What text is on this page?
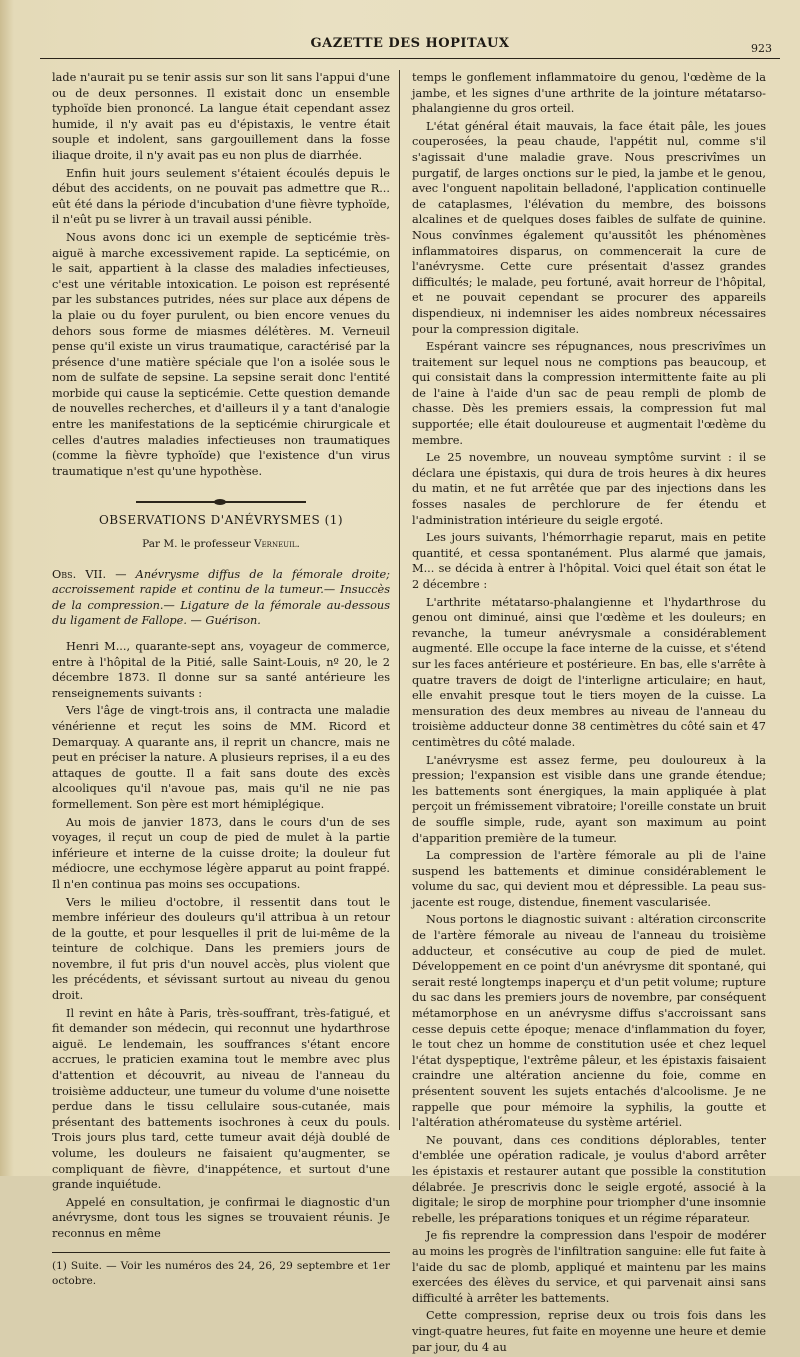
GAZETTE DES HOPITAUX	923

lade n'aurait pu se tenir assis sur son lit sans l'appui d'une ou de deux personnes. Il existait donc un ensemble typhoïde bien prononcé. La langue était cependant assez humide, il n'y avait pas eu d'épistaxis, le ventre était souple et indolent, sans gargouillement dans la fosse iliaque droite, il n'y avait pas eu non plus de diarrhée.

Enfin huit jours seulement s'étaient écoulés depuis le début des accidents, on ne pouvait pas admettre que R... eût été dans la période d'incubation d'une fièvre typhoïde, il n'eût pu se livrer à un travail aussi pénible.

Nous avons donc ici un exemple de septicémie très-aiguë à marche excessivement rapide. La septicémie, on le sait, appartient à la classe des maladies infectieuses, c'est une véritable intoxication. Le poison est représenté par les substances putrides, nées sur place aux dépens de la plaie ou du foyer purulent, ou bien encore venues du dehors sous forme de miasmes délétères. M. Verneuil pense qu'il existe un virus traumatique, caractérisé par la présence d'une matière spéciale que l'on a isolée sous le nom de sulfate de sepsine. La sepsine serait donc l'entité morbide qui cause la septicémie. Cette question demande de nouvelles recherches, et d'ailleurs il y a tant d'analogie entre les manifestations de la septicémie chirurgicale et celles d'autres maladies infectieuses non traumatiques (comme la fièvre typhoïde) que l'existence d'un virus traumatique n'est qu'une hypothèse.

OBSERVATIONS D'ANÉVRYSMES (1)
Par M. le professeur Verneuil.

Obs. VII. — Anévrysme diffus de la fémorale droite; accroissement rapide et continu de la tumeur.— Insuccès de la compression.— Ligature de la fémorale au-dessous du ligament de Fallope. — Guérison.

Henri M..., quarante-sept ans, voyageur de commerce, entre à l'hôpital de la Pitié, salle Saint-Louis, nº 20, le 2 décembre 1873. Il donne sur sa santé antérieure les renseignements suivants :

Vers l'âge de vingt-trois ans, il contracta une maladie vénérienne et reçut les soins de MM. Ricord et Demarquay. A quarante ans, il reprit un chancre, mais ne peut en préciser la nature. A plusieurs reprises, il a eu des attaques de goutte. Il a fait sans doute des excès alcooliques qu'il n'avoue pas, mais qu'il ne nie pas formellement. Son père est mort hémiplégique.

Au mois de janvier 1873, dans le cours d'un de ses voyages, il reçut un coup de pied de mulet à la partie inférieure et interne de la cuisse droite; la douleur fut médiocre, une ecchymose légère apparut au point frappé. Il n'en continua pas moins ses occupations.

Vers le milieu d'octobre, il ressentit dans tout le membre inférieur des douleurs qu'il attribua à un retour de la goutte, et pour lesquelles il prit de lui-même de la teinture de colchique. Dans les premiers jours de novembre, il fut pris d'un nouvel accès, plus violent que les précédents, et sévissant surtout au niveau du genou droit.

Il revint en hâte à Paris, très-souffrant, très-fatigué, et fit demander son médecin, qui reconnut une hydarthrose aiguë. Le lendemain, les souffrances s'étant encore accrues, le praticien examina tout le membre avec plus d'attention et découvrit, au niveau de l'anneau du troisième adducteur, une tumeur du volume d'une noisette perdue dans le tissu cellulaire sous-cutanée, mais présentant des battements isochrones à ceux du pouls. Trois jours plus tard, cette tumeur avait déjà doublé de volume, les douleurs ne faisaient qu'augmenter, se compliquant de fièvre, d'inappétence, et surtout d'une grande inquiétude.

Appelé en consultation, je confirmai le diagnostic d'un anévrysme, dont tous les signes se trouvaient réunis. Je reconnus en même

(1) Suite. — Voir les numéros des 24, 26, 29 septembre et 1er octobre.

temps le gonflement inflammatoire du genou, l'œdème de la jambe, et les signes d'une arthrite de la jointure métatarso-phalangienne du gros orteil.

L'état général était mauvais, la face était pâle, les joues couperosées, la peau chaude, l'appétit nul, comme s'il s'agissait d'une maladie grave. Nous prescrivîmes un purgatif, de larges onctions sur le pied, la jambe et le genou, avec l'onguent napolitain belladoné, l'application continuelle de cataplasmes, l'élévation du membre, des boissons alcalines et de quelques doses faibles de sulfate de quinine. Nous convînmes également qu'aussitôt les phénomènes inflammatoires disparus, on commencerait la cure de l'anévrysme. Cette cure présentait d'assez grandes difficultés; le malade, peu fortuné, avait horreur de l'hôpital, et ne pouvait cependant se procurer des appareils dispendieux, ni indemniser les aides nombreux nécessaires pour la compression digitale.

Espérant vaincre ses répugnances, nous prescrivîmes un traitement sur lequel nous ne comptions pas beaucoup, et qui consistait dans la compression intermittente faite au pli de l'aine à l'aide d'un sac de peau rempli de plomb de chasse. Dès les premiers essais, la compression fut mal supportée; elle était douloureuse et augmentait l'œdème du membre.

Le 25 novembre, un nouveau symptôme survint : il se déclara une épistaxis, qui dura de trois heures à dix heures du matin, et ne fut arrêtée que par des injections dans les fosses nasales de perchlorure de fer étendu et l'administration intérieure du seigle ergoté.

Les jours suivants, l'hémorrhagie reparut, mais en petite quantité, et cessa spontanément. Plus alarmé que jamais, M... se décida à entrer à l'hôpital. Voici quel était son état le 2 décembre :

L'arthrite métatarso-phalangienne et l'hydarthrose du genou ont diminué, ainsi que l'œdème et les douleurs; en revanche, la tumeur anévrysmale a considérablement augmenté. Elle occupe la face interne de la cuisse, et s'étend sur les faces antérieure et postérieure. En bas, elle s'arrête à quatre travers de doigt de l'interligne articulaire; en haut, elle envahit presque tout le tiers moyen de la cuisse. La mensuration des deux membres au niveau de l'anneau du troisième adducteur donne 38 centimètres du côté sain et 47 centimètres du côté malade.

L'anévrysme est assez ferme, peu douloureux à la pression; l'expansion est visible dans une grande étendue; les battements sont énergiques, la main appliquée à plat perçoit un frémissement vibratoire; l'oreille constate un bruit de souffle simple, rude, ayant son maximum au point d'apparition première de la tumeur.

La compression de l'artère fémorale au pli de l'aine suspend les battements et diminue considérablement le volume du sac, qui devient mou et dépressible. La peau sus-jacente est rouge, distendue, finement vascularisée.

Nous portons le diagnostic suivant : altération circonscrite de l'artère fémorale au niveau de l'anneau du troisième adducteur, et consécutive au coup de pied de mulet. Développement en ce point d'un anévrysme dit spontané, qui serait resté longtemps inaperçu et d'un petit volume; rupture du sac dans les premiers jours de novembre, par conséquent métamorphose en un anévrysme diffus s'accroissant sans cesse depuis cette époque; menace d'inflammation du foyer, le tout chez un homme de constitution usée et chez lequel l'état dyspeptique, l'extrême pâleur, et les épistaxis faisaient craindre une altération ancienne du foie, comme en présentent souvent les sujets entachés d'alcoolisme. Je ne rappelle que pour mémoire la syphilis, la goutte et l'altération athéromateuse du système artériel.

Ne pouvant, dans ces conditions déplorables, tenter d'emblée une opération radicale, je voulus d'abord arrêter les épistaxis et restaurer autant que possible la constitution délabrée. Je prescrivis donc le seigle ergoté, associé à la digitale; le sirop de morphine pour triompher d'une insomnie rebelle, les préparations toniques et un régime réparateur.

Je fis reprendre la compression dans l'espoir de modérer au moins les progrès de l'infiltration sanguine: elle fut faite à l'aide du sac de plomb, appliqué et maintenu par les mains exercées des élèves du service, et qui parvenait ainsi sans difficulté à arrêter les battements.

Cette compression, reprise deux ou trois fois dans les vingt-quatre heures, fut faite en moyenne une heure et demie par jour, du 4 au
